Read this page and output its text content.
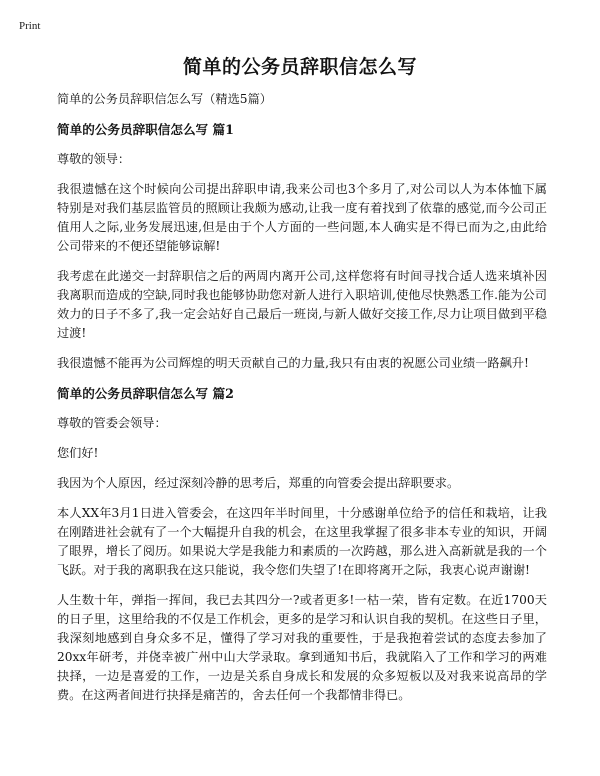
Print
简单的公务员辞职信怎么写

简单的公务员辞职信怎么写（精选5篇）

简单的公务员辞职信怎么写 篇1

尊敬的领导：

我很遗憾在这个时候向公司提出辞职申请,我来公司也3个多月了,对公司以人为本体恤下属特别是对我们基层监管员的照顾让我颇为感动,让我一度有着找到了依靠的感觉,而今公司正值用人之际,业务发展迅速,但是由于个人方面的一些问题,本人确实是不得已而为之,由此给公司带来的不便还望能够谅解!

我考虑在此递交一封辞职信之后的两周内离开公司,这样您将有时间寻找合适人选来填补因我离职而造成的空缺,同时我也能够协助您对新人进行入职培训,使他尽快熟悉工作.能为公司效力的日子不多了,我一定会站好自己最后一班岗,与新人做好交接工作,尽力让项目做到平稳过渡!

我很遗憾不能再为公司辉煌的明天贡献自己的力量,我只有由衷的祝愿公司业绩一路飙升!

简单的公务员辞职信怎么写 篇2

尊敬的管委会领导：

您们好!

我因为个人原因，经过深刻冷静的思考后，郑重的向管委会提出辞职要求。

本人XX年3月1日进入管委会，在这四年半时间里，十分感谢单位给予的信任和栽培，让我在刚踏进社会就有了一个大幅提升自我的机会，在这里我掌握了很多非本专业的知识，开阔了眼界，增长了阅历。如果说大学是我能力和素质的一次跨越，那么进入高新就是我的一个飞跃。对于我的离职我在这只能说，我令您们失望了!在即将离开之际，我衷心说声谢谢!

人生数十年，弹指一挥间，我已去其四分一?或者更多!一枯一荣，皆有定数。在近1700天的日子里，这里给我的不仅是工作机会，更多的是学习和认识自我的契机。在这些日子里，我深刻地感到自身众多不足，懂得了学习对我的重要性，于是我抱着尝试的态度去参加了20xx年研考，并侥幸被广州中山大学录取。拿到通知书后，我就陷入了工作和学习的两难抉择，一边是喜爱的工作，一边是关系自身成长和发展的众多短板以及对我来说高昂的学费。在这两者间进行抉择是痛苦的，舍去任何一个我都情非得已。
